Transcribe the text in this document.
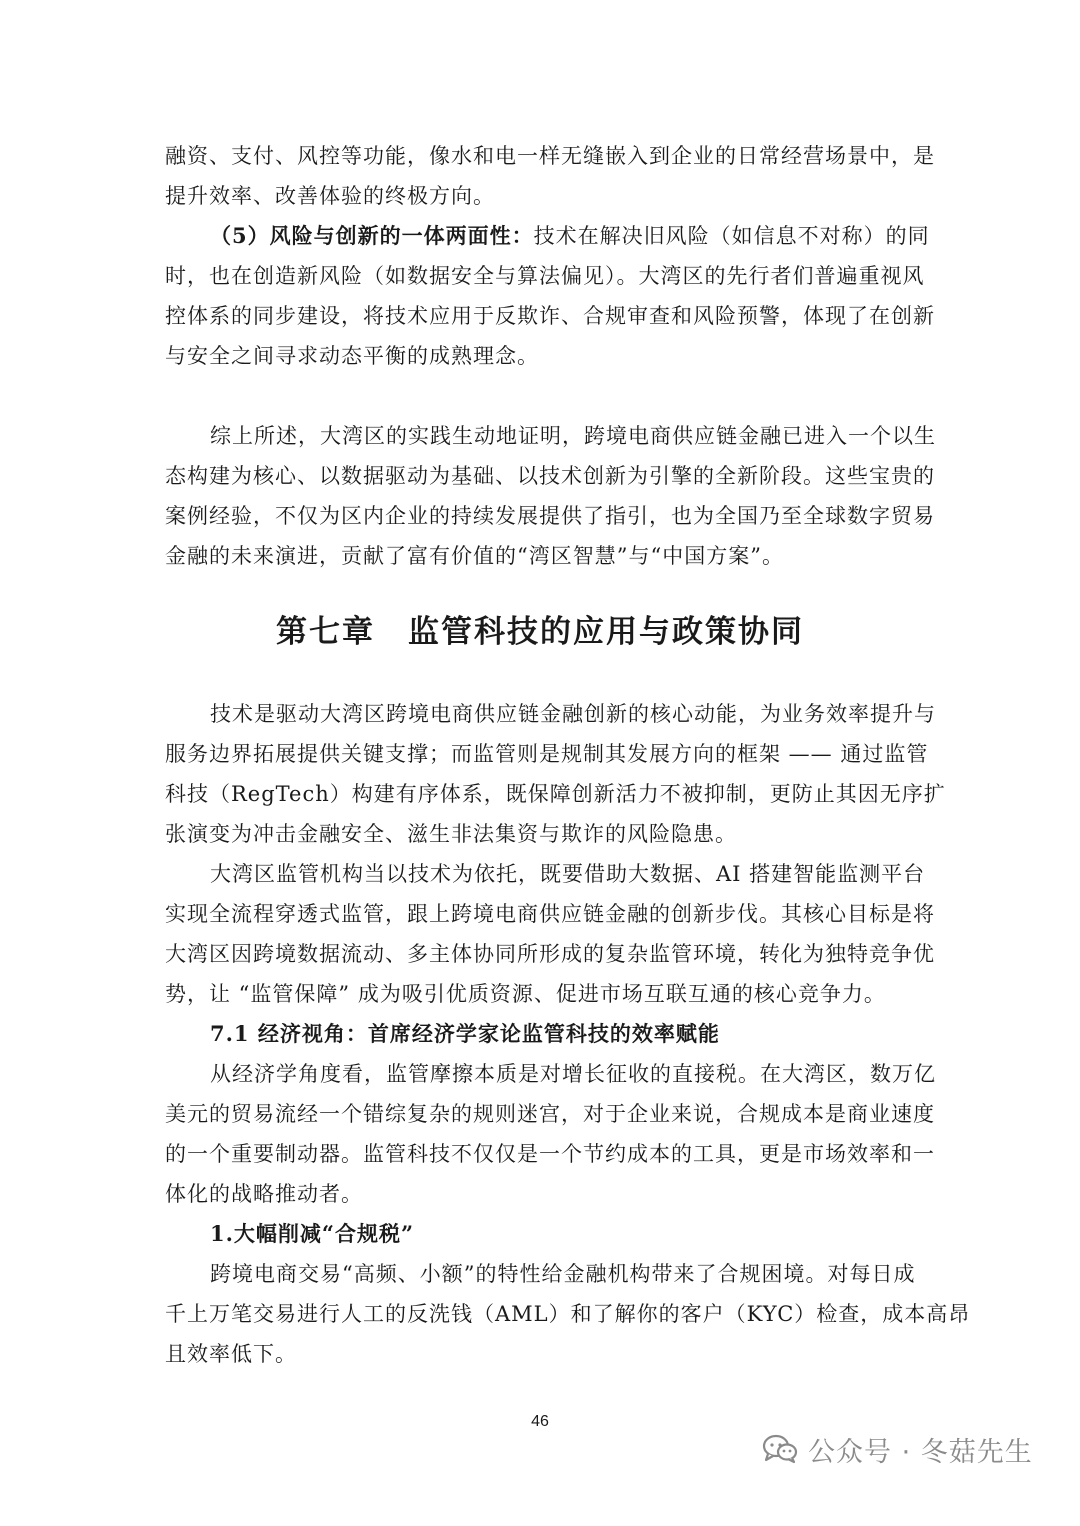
融资、支付、风控等功能，像水和电一样无缝嵌入到企业的日常经营场景中，是
提升效率、改善体验的终极方向。
（5）风险与创新的一体两面性：技术在解决旧风险（如信息不对称）的同
时，也在创造新风险（如数据安全与算法偏见）。大湾区的先行者们普遍重视风
控体系的同步建设，将技术应用于反欺诈、合规审查和风险预警，体现了在创新
与安全之间寻求动态平衡的成熟理念。
综上所述，大湾区的实践生动地证明，跨境电商供应链金融已进入一个以生
态构建为核心、以数据驱动为基础、以技术创新为引擎的全新阶段。这些宝贵的
案例经验，不仅为区内企业的持续发展提供了指引，也为全国乃至全球数字贸易
金融的未来演进，贡献了富有价值的“湾区智慧”与“中国方案”。
第七章　监管科技的应用与政策协同
技术是驱动大湾区跨境电商供应链金融创新的核心动能，为业务效率提升与
服务边界拓展提供关键支撑；而监管则是规制其发展方向的框架 —— 通过监管
科技（RegTech）构建有序体系，既保障创新活力不被抑制，更防止其因无序扩
张演变为冲击金融安全、滋生非法集资与欺诈的风险隐患。
大湾区监管机构当以技术为依托，既要借助大数据、AI 搭建智能监测平台
实现全流程穿透式监管，跟上跨境电商供应链金融的创新步伐。其核心目标是将
大湾区因跨境数据流动、多主体协同所形成的复杂监管环境，转化为独特竞争优
势，让 “监管保障” 成为吸引优质资源、促进市场互联互通的核心竞争力。
7.1 经济视角：首席经济学家论监管科技的效率赋能
从经济学角度看，监管摩擦本质是对增长征收的直接税。在大湾区，数万亿
美元的贸易流经一个错综复杂的规则迷宫，对于企业来说，合规成本是商业速度
的一个重要制动器。监管科技不仅仅是一个节约成本的工具，更是市场效率和一
体化的战略推动者。
1.大幅削减“合规税”
跨境电商交易“高频、小额”的特性给金融机构带来了合规困境。对每日成
千上万笔交易进行人工的反洗钱（AML）和了解你的客户（KYC）检查，成本高昂
且效率低下。
46
公众号 · 冬菇先生
